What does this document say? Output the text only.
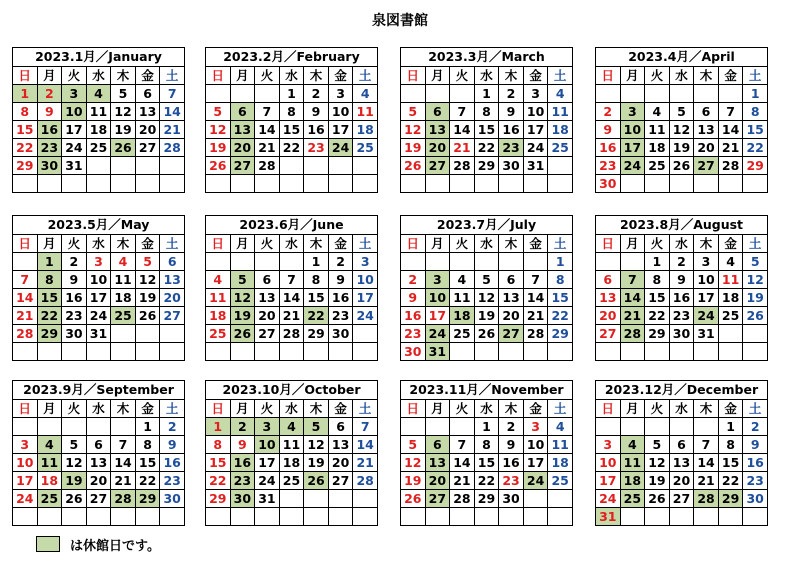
泉図書館
2023.1月／January						
日	月	火	水	木	金	土
1	2	3	4	5	6	7
8	9	10	11	12	13	14
15	16	17	18	19	20	21
22	23	24	25	26	27	28
29	30	31				

2023.2月／February						
日	月	火	水	木	金	土
			1	2	3	4
5	6	7	8	9	10	11
12	13	14	15	16	17	18
19	20	21	22	23	24	25
26	27	28				

2023.3月／March						
日	月	火	水	木	金	土
			1	2	3	4
5	6	7	8	9	10	11
12	13	14	15	16	17	18
19	20	21	22	23	24	25
26	27	28	29	30	31	

2023.4月／April						
日	月	火	水	木	金	土
						1
2	3	4	5	6	7	8
9	10	11	12	13	14	15
16	17	18	19	20	21	22
23	24	25	26	27	28	29
30						
2023.5月／May						
日	月	火	水	木	金	土
	1	2	3	4	5	6
7	8	9	10	11	12	13
14	15	16	17	18	19	20
21	22	23	24	25	26	27
28	29	30	31			

2023.6月／June						
日	月	火	水	木	金	土
				1	2	3
4	5	6	7	8	9	10
11	12	13	14	15	16	17
18	19	20	21	22	23	24
25	26	27	28	29	30	

2023.7月／July						
日	月	火	水	木	金	土
						1
2	3	4	5	6	7	8
9	10	11	12	13	14	15
16	17	18	19	20	21	22
23	24	25	26	27	28	29
30	31					
2023.8月／August						
日	月	火	水	木	金	土
		1	2	3	4	5
6	7	8	9	10	11	12
13	14	15	16	17	18	19
20	21	22	23	24	25	26
27	28	29	30	31		

2023.9月／September						
日	月	火	水	木	金	土
					1	2
3	4	5	6	7	8	9
10	11	12	13	14	15	16
17	18	19	20	21	22	23
24	25	26	27	28	29	30

2023.10月／October						
日	月	火	水	木	金	土
1	2	3	4	5	6	7
8	9	10	11	12	13	14
15	16	17	18	19	20	21
22	23	24	25	26	27	28
29	30	31				

2023.11月／November						
日	月	火	水	木	金	土
			1	2	3	4
5	6	7	8	9	10	11
12	13	14	15	16	17	18
19	20	21	22	23	24	25
26	27	28	29	30		

2023.12月／December						
日	月	火	水	木	金	土
					1	2
3	4	5	6	7	8	9
10	11	12	13	14	15	16
17	18	19	20	21	22	23
24	25	26	27	28	29	30
31						
は休館日です。
